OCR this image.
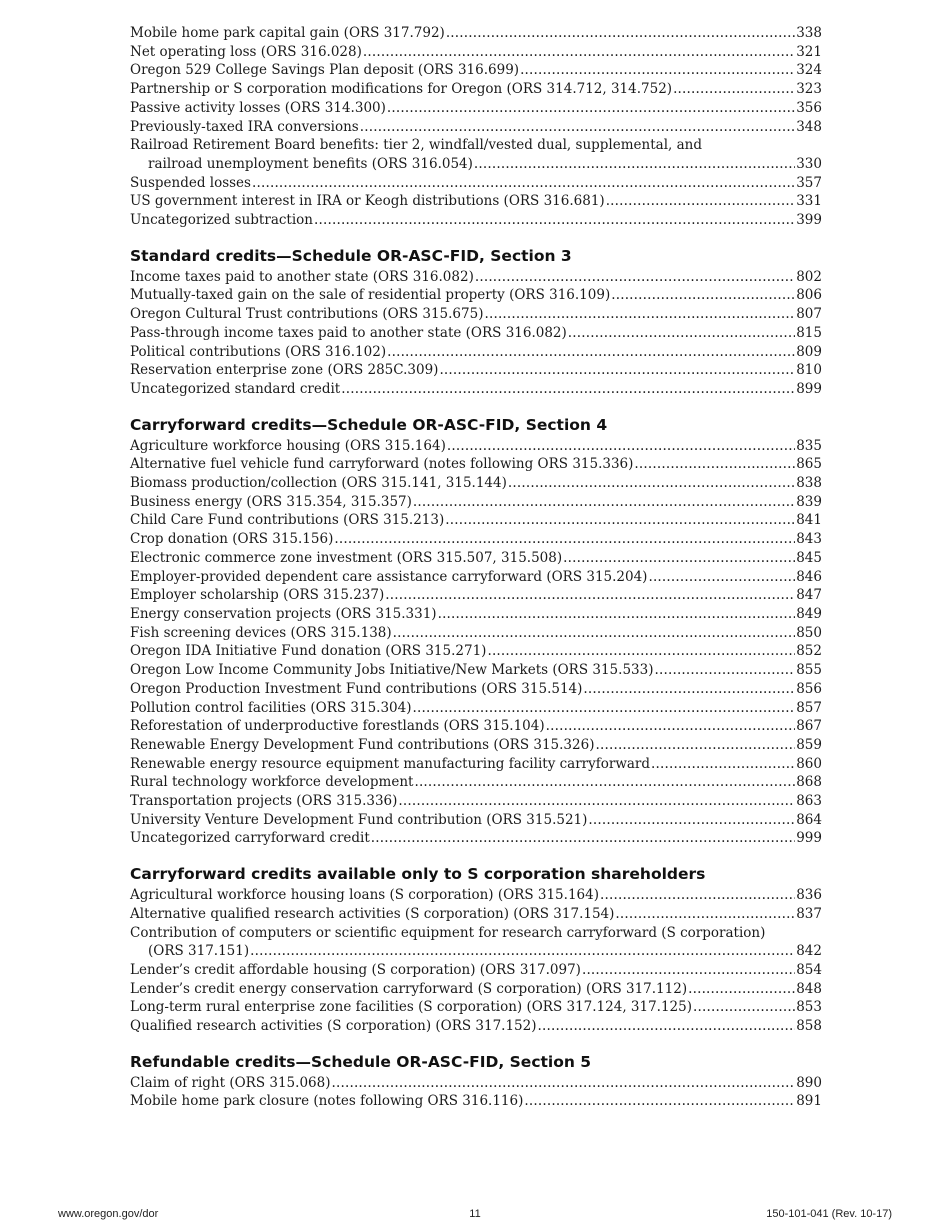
Mobile home park capital gain (ORS 317.792) .....	338
Net operating loss (ORS 316.028) .....	321
Oregon 529 College Savings Plan deposit (ORS 316.699) .....	324
Partnership or S corporation modifications for Oregon (ORS 314.712, 314.752) .....	323
Passive activity losses (ORS 314.300) .....	356
Previously-taxed IRA conversions .....	348
Railroad Retirement Board benefits: tier 2, windfall/vested dual, supplemental, and
railroad unemployment benefits (ORS 316.054) .....	330
Suspended losses .....	357
US government interest in IRA or Keogh distributions (ORS 316.681) .....	331
Uncategorized subtraction .....	399
Standard credits—Schedule OR-ASC-FID, Section 3
Income taxes paid to another state (ORS 316.082) .....	802
Mutually-taxed gain on the sale of residential property (ORS 316.109) .....	806
Oregon Cultural Trust contributions (ORS 315.675) .....	807
Pass-through income taxes paid to another state (ORS 316.082) .....	815
Political contributions (ORS 316.102) .....	809
Reservation enterprise zone (ORS 285C.309) .....	810
Uncategorized standard credit .....	899
Carryforward credits—Schedule OR-ASC-FID, Section 4
Agriculture workforce housing (ORS 315.164) .....	835
Alternative fuel vehicle fund carryforward (notes following ORS 315.336) .....	865
Biomass production/collection (ORS 315.141, 315.144) .....	838
Business energy (ORS 315.354, 315.357) .....	839
Child Care Fund contributions (ORS 315.213) .....	841
Crop donation (ORS 315.156) .....	843
Electronic commerce zone investment (ORS 315.507, 315.508) .....	845
Employer-provided dependent care assistance carryforward (ORS 315.204) .....	846
Employer scholarship (ORS 315.237) .....	847
Energy conservation projects (ORS 315.331) .....	849
Fish screening devices (ORS 315.138) .....	850
Oregon IDA Initiative Fund donation (ORS 315.271) .....	852
Oregon Low Income Community Jobs Initiative/New Markets (ORS 315.533) .....	855
Oregon Production Investment Fund contributions (ORS 315.514) .....	856
Pollution control facilities (ORS 315.304) .....	857
Reforestation of underproductive forestlands (ORS 315.104) .....	867
Renewable Energy Development Fund contributions (ORS 315.326) .....	859
Renewable energy resource equipment manufacturing facility carryforward .....	860
Rural technology workforce development .....	868
Transportation projects (ORS 315.336) .....	863
University Venture Development Fund contribution (ORS 315.521) .....	864
Uncategorized carryforward credit .....	999
Carryforward credits available only to S corporation shareholders
Agricultural workforce housing loans (S corporation) (ORS 315.164) .....	836
Alternative qualified research activities (S corporation) (ORS 317.154) .....	837
Contribution of computers or scientific equipment for research carryforward (S corporation)
(ORS 317.151) .....	842
Lender’s credit affordable housing (S corporation) (ORS 317.097) .....	854
Lender’s credit energy conservation carryforward (S corporation) (ORS 317.112) .....	848
Long-term rural enterprise zone facilities (S corporation) (ORS 317.124, 317.125) .....	853
Qualified research activities (S corporation) (ORS 317.152) .....	858
Refundable credits—Schedule OR-ASC-FID, Section 5
Claim of right (ORS 315.068) .....	890
Mobile home park closure (notes following ORS 316.116) .....	891
www.oregon.gov/dor	11	150-101-041 (Rev. 10-17)
